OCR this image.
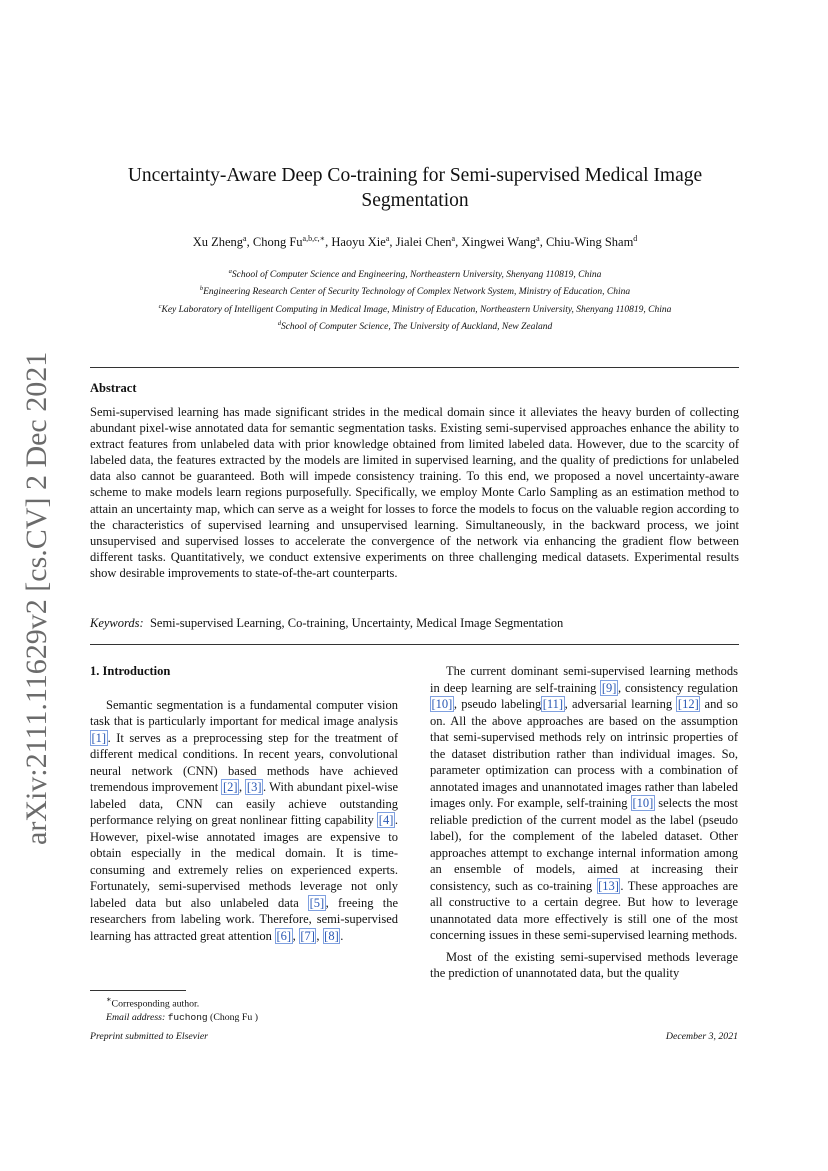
arXiv:2111.11629v2 [cs.CV] 2 Dec 2021
Uncertainty-Aware Deep Co-training for Semi-supervised Medical Image Segmentation

Xu Zheng$^a$, Chong $Fu^{a,b,c,∗}$, Haoyu Xie$^a$, Jialei Chen$^a$, Xingwei Wang$^a$, Chiu-Wing Sham$^d$

$^a$School of Computer Science and Engineering, Northeastern University, Shenyang 110819, China
$^b$Engineering Research Center of Security Technology of Complex Network System, Ministry of Education, China
$^c$Key Laboratory of Intelligent Computing in Medical Image, Ministry of Education, Northeastern University, Shenyang 110819, China
$^d$School of Computer Science, The University of Auckland, New Zealand
Abstract

Semi-supervised learning has made significant strides in the medical domain since it alleviates the heavy burden of collecting abundant pixel-wise annotated data for semantic segmentation tasks. Existing semi-supervised approaches enhance the ability to extract features from unlabeled data with prior knowledge obtained from limited labeled data. However, due to the scarcity of labeled data, the features extracted by the models are limited in supervised learning, and the quality of predictions for unlabeled data also cannot be guaranteed. Both will impede consistency training. To this end, we proposed a novel uncertainty-aware scheme to make models learn regions purposefully. Specifically, we employ Monte Carlo Sampling as an estimation method to attain an uncertainty map, which can serve as a weight for losses to force the models to focus on the valuable region according to the characteristics of supervised learning and unsupervised learning. Simultaneously, in the backward process, we joint unsupervised and supervised losses to accelerate the convergence of the network via enhancing the gradient flow between different tasks. Quantitatively, we conduct extensive experiments on three challenging medical datasets. Experimental results show desirable improvements to state-of-the-art counterparts.

Keywords: Semi-supervised Learning, Co-training, Uncertainty, Medical Image Segmentation

1. Introduction

Semantic segmentation is a fundamental computer vision task that is particularly important for medical image analysis [1] . It serves as a preprocessing step for the treatment of different medical conditions. In recent years, convolutional neural network (CNN) based methods have achieved tremendous improvement [2] , [3] . With abundant pixel-wise labeled data, CNN can easily achieve outstanding performance relying on great nonlinear fitting capability [4] . However, pixel-wise annotated images are expensive to obtain especially in the medical domain. It is time-consuming and extremely relies on experienced experts. Fortunately, semi-supervised methods leverage not only labeled data but also unlabeled data [5] , freeing the researchers from labeling work. Therefore, semi-supervised learning has attracted great attention [6] , [7] , [8] .

The current dominant semi-supervised learning methods in deep learning are self-training [9] , consistency regulation [10] , pseudo labeling [11] , adversarial learning [12] and so on. All the above approaches are based on the assumption that semi-supervised methods rely on intrinsic properties of the dataset distribution rather than individual images. So, parameter optimization can process with a combination of annotated images and unannotated images rather than labeled images only. For example, self-training [10] selects the most reliable prediction of the current model as the label (pseudo label), for the complement of the labeled dataset. Other approaches attempt to exchange internal information among an ensemble of models, aimed at increasing their consistency, such as co-training [13] . These approaches are all constructive to a certain degree. But how to leverage unannotated data more effectively is still one of the most concerning issues in these semi-supervised learning methods.

Most of the existing semi-supervised methods leverage the prediction of unannotated data, but the quality

∗Corresponding author.
Email address: fuchong (Chong Fu )

Preprint submitted to Elsevier	December 3, 2021
